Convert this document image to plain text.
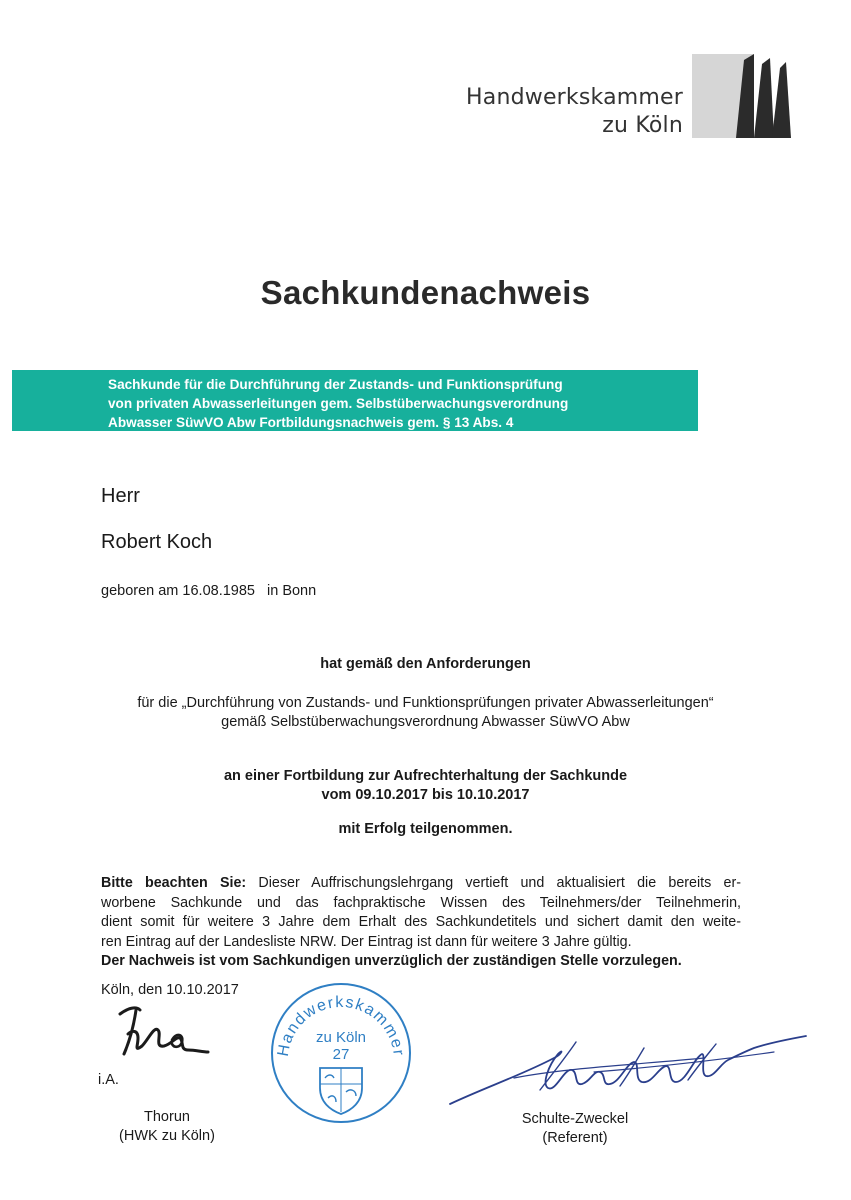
Handwerkskammer
zu Köln
Sachkundenachweis
Sachkunde für die Durchführung der Zustands- und Funktionsprüfung
von privaten Abwasserleitungen gem. Selbstüberwachungsverordnung
Abwasser SüwVO Abw Fortbildungsnachweis gem. § 13 Abs. 4
Herr
Robert Koch
geboren am 16.08.1985 in Bonn
hat gemäß den Anforderungen
für die „Durchführung von Zustands- und Funktionsprüfungen privater Abwasserleitungen“
gemäß Selbstüberwachungsverordnung Abwasser SüwVO Abw
an einer Fortbildung zur Aufrechterhaltung der Sachkunde
vom 09.10.2017 bis 10.10.2017
mit Erfolg teilgenommen.
Bitte beachten Sie: Dieser Auffrischungslehrgang vertieft und aktualisiert die bereits er-
worbene Sachkunde und das fachpraktische Wissen des Teilnehmers/der Teilnehmerin,
dient somit für weitere 3 Jahre dem Erhalt des Sachkundetitels und sichert damit den weite-
ren Eintrag auf der Landesliste NRW. Der Eintrag ist dann für weitere 3 Jahre gültig.
Der Nachweis ist vom Sachkundigen unverzüglich der zuständigen Stelle vorzulegen.
Köln, den 10.10.2017
i.A.
Thorun
(HWK zu Köln)
Handwerkskammer
zu Köln
27
Schulte-Zweckel
(Referent)
